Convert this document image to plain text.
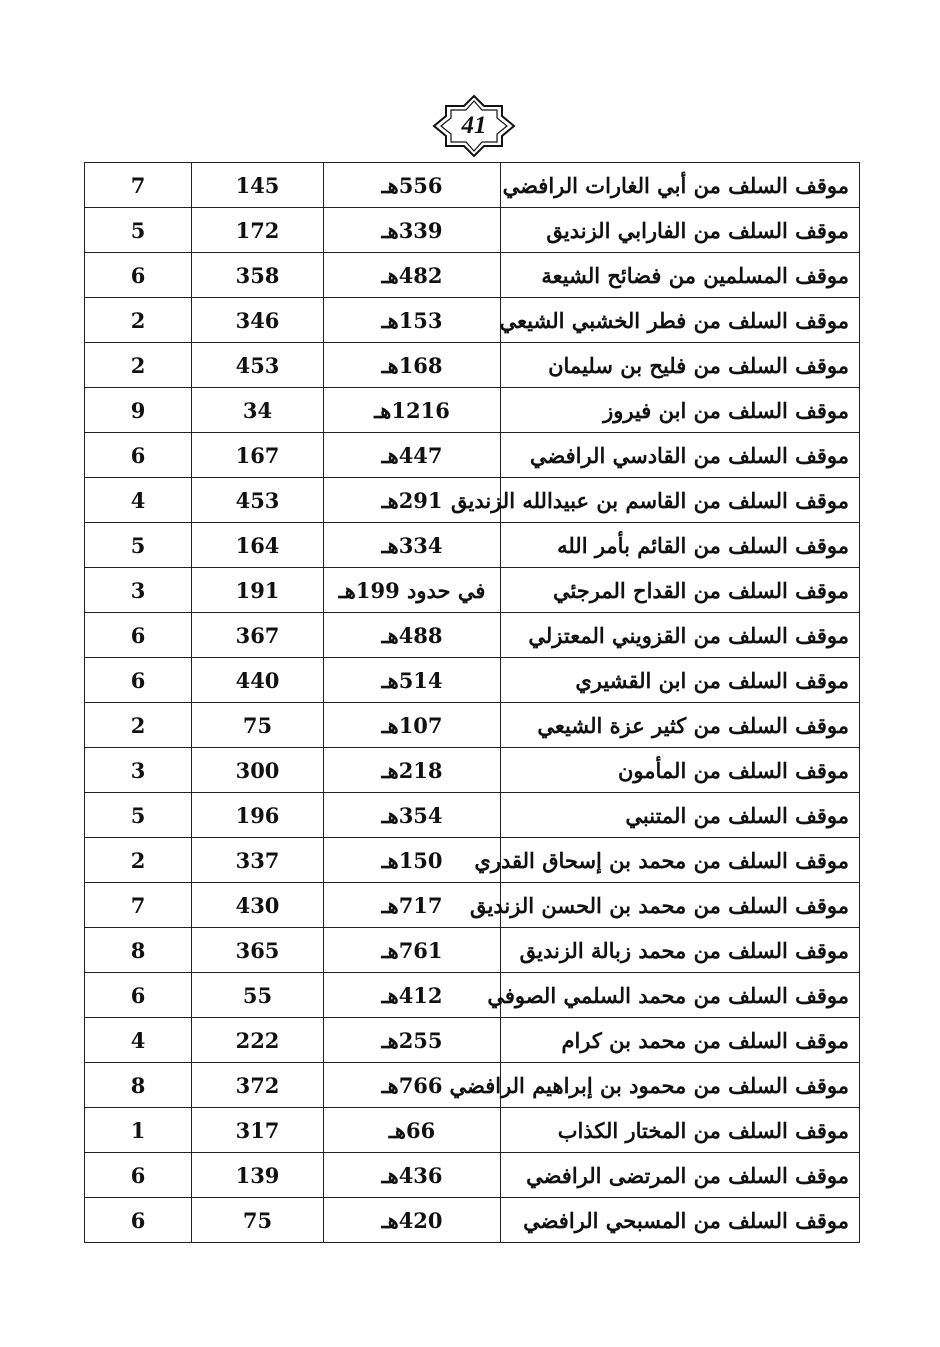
41
7	145	556هـ	موقف السلف من أبي الغارات الرافضي
5	172	339هـ	موقف السلف من الفارابي الزنديق
6	358	482هـ	موقف المسلمين من فضائح الشيعة
2	346	153هـ	موقف السلف من فطر الخشبي الشيعي
2	453	168هـ	موقف السلف من فليح بن سليمان
9	34	1216هـ	موقف السلف من ابن فيروز
6	167	447هـ	موقف السلف من القادسي الرافضي
4	453	291هـ	موقف السلف من القاسم بن عبيدالله الزنديق
5	164	334هـ	موقف السلف من القائم بأمر الله
3	191	في حدود 199هـ	موقف السلف من القداح المرجئي
6	367	488هـ	موقف السلف من القزويني المعتزلي
6	440	514هـ	موقف السلف من ابن القشيري
2	75	107هـ	موقف السلف من كثير عزة الشيعي
3	300	218هـ	موقف السلف من المأمون
5	196	354هـ	موقف السلف من المتنبي
2	337	150هـ	موقف السلف من محمد بن إسحاق القدري
7	430	717هـ	موقف السلف من محمد بن الحسن الزنديق
8	365	761هـ	موقف السلف من محمد زبالة الزنديق
6	55	412هـ	موقف السلف من محمد السلمي الصوفي
4	222	255هـ	موقف السلف من محمد بن كرام
8	372	766هـ	موقف السلف من محمود بن إبراهيم الرافضي
1	317	66هـ	موقف السلف من المختار الكذاب
6	139	436هـ	موقف السلف من المرتضى الرافضي
6	75	420هـ	موقف السلف من المسبحي الرافضي
